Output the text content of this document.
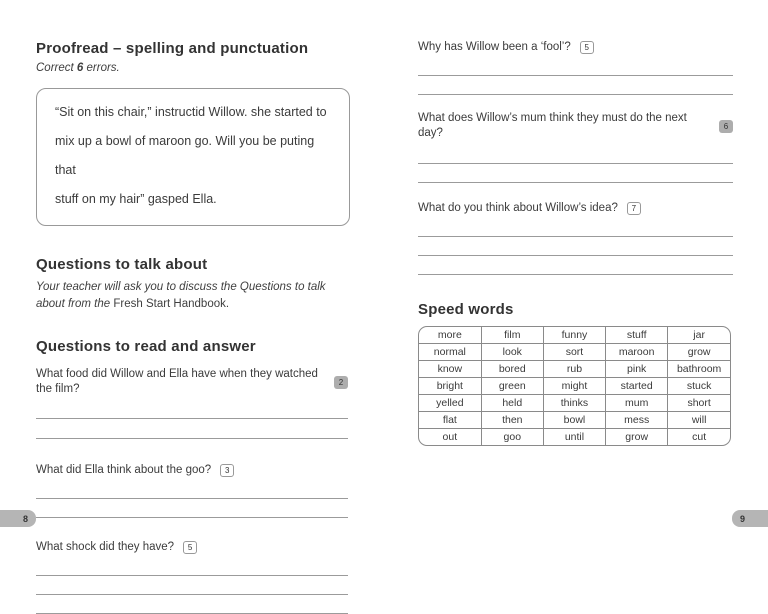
Proofread – spelling and punctuation
Correct 6 errors.
“Sit on this chair,” instructid Willow. she started to
mix up a bowl of maroon go. Will you be puting that
stuff on my hair” gasped Ella.
Questions to talk about
Your teacher will ask you to discuss the Questions to talk about from the Fresh Start Handbook.
Questions to read and answer
What food did Willow and Ella have when they watched the film?
2
What did Ella think about the goo?	3
What shock did they have?	5
Why has Willow been a ‘fool’?	5
What does Willow’s mum think they must do the next day?
6
What do you think about Willow’s idea?	7
Speed words
more	film	funny	stuff	jar
normal	look	sort	maroon	grow
know	bored	rub	pink	bathroom
bright	green	might	started	stuck
yelled	held	thinks	mum	short
flat	then	bowl	mess	will
out	goo	until	grow	cut
8	9
